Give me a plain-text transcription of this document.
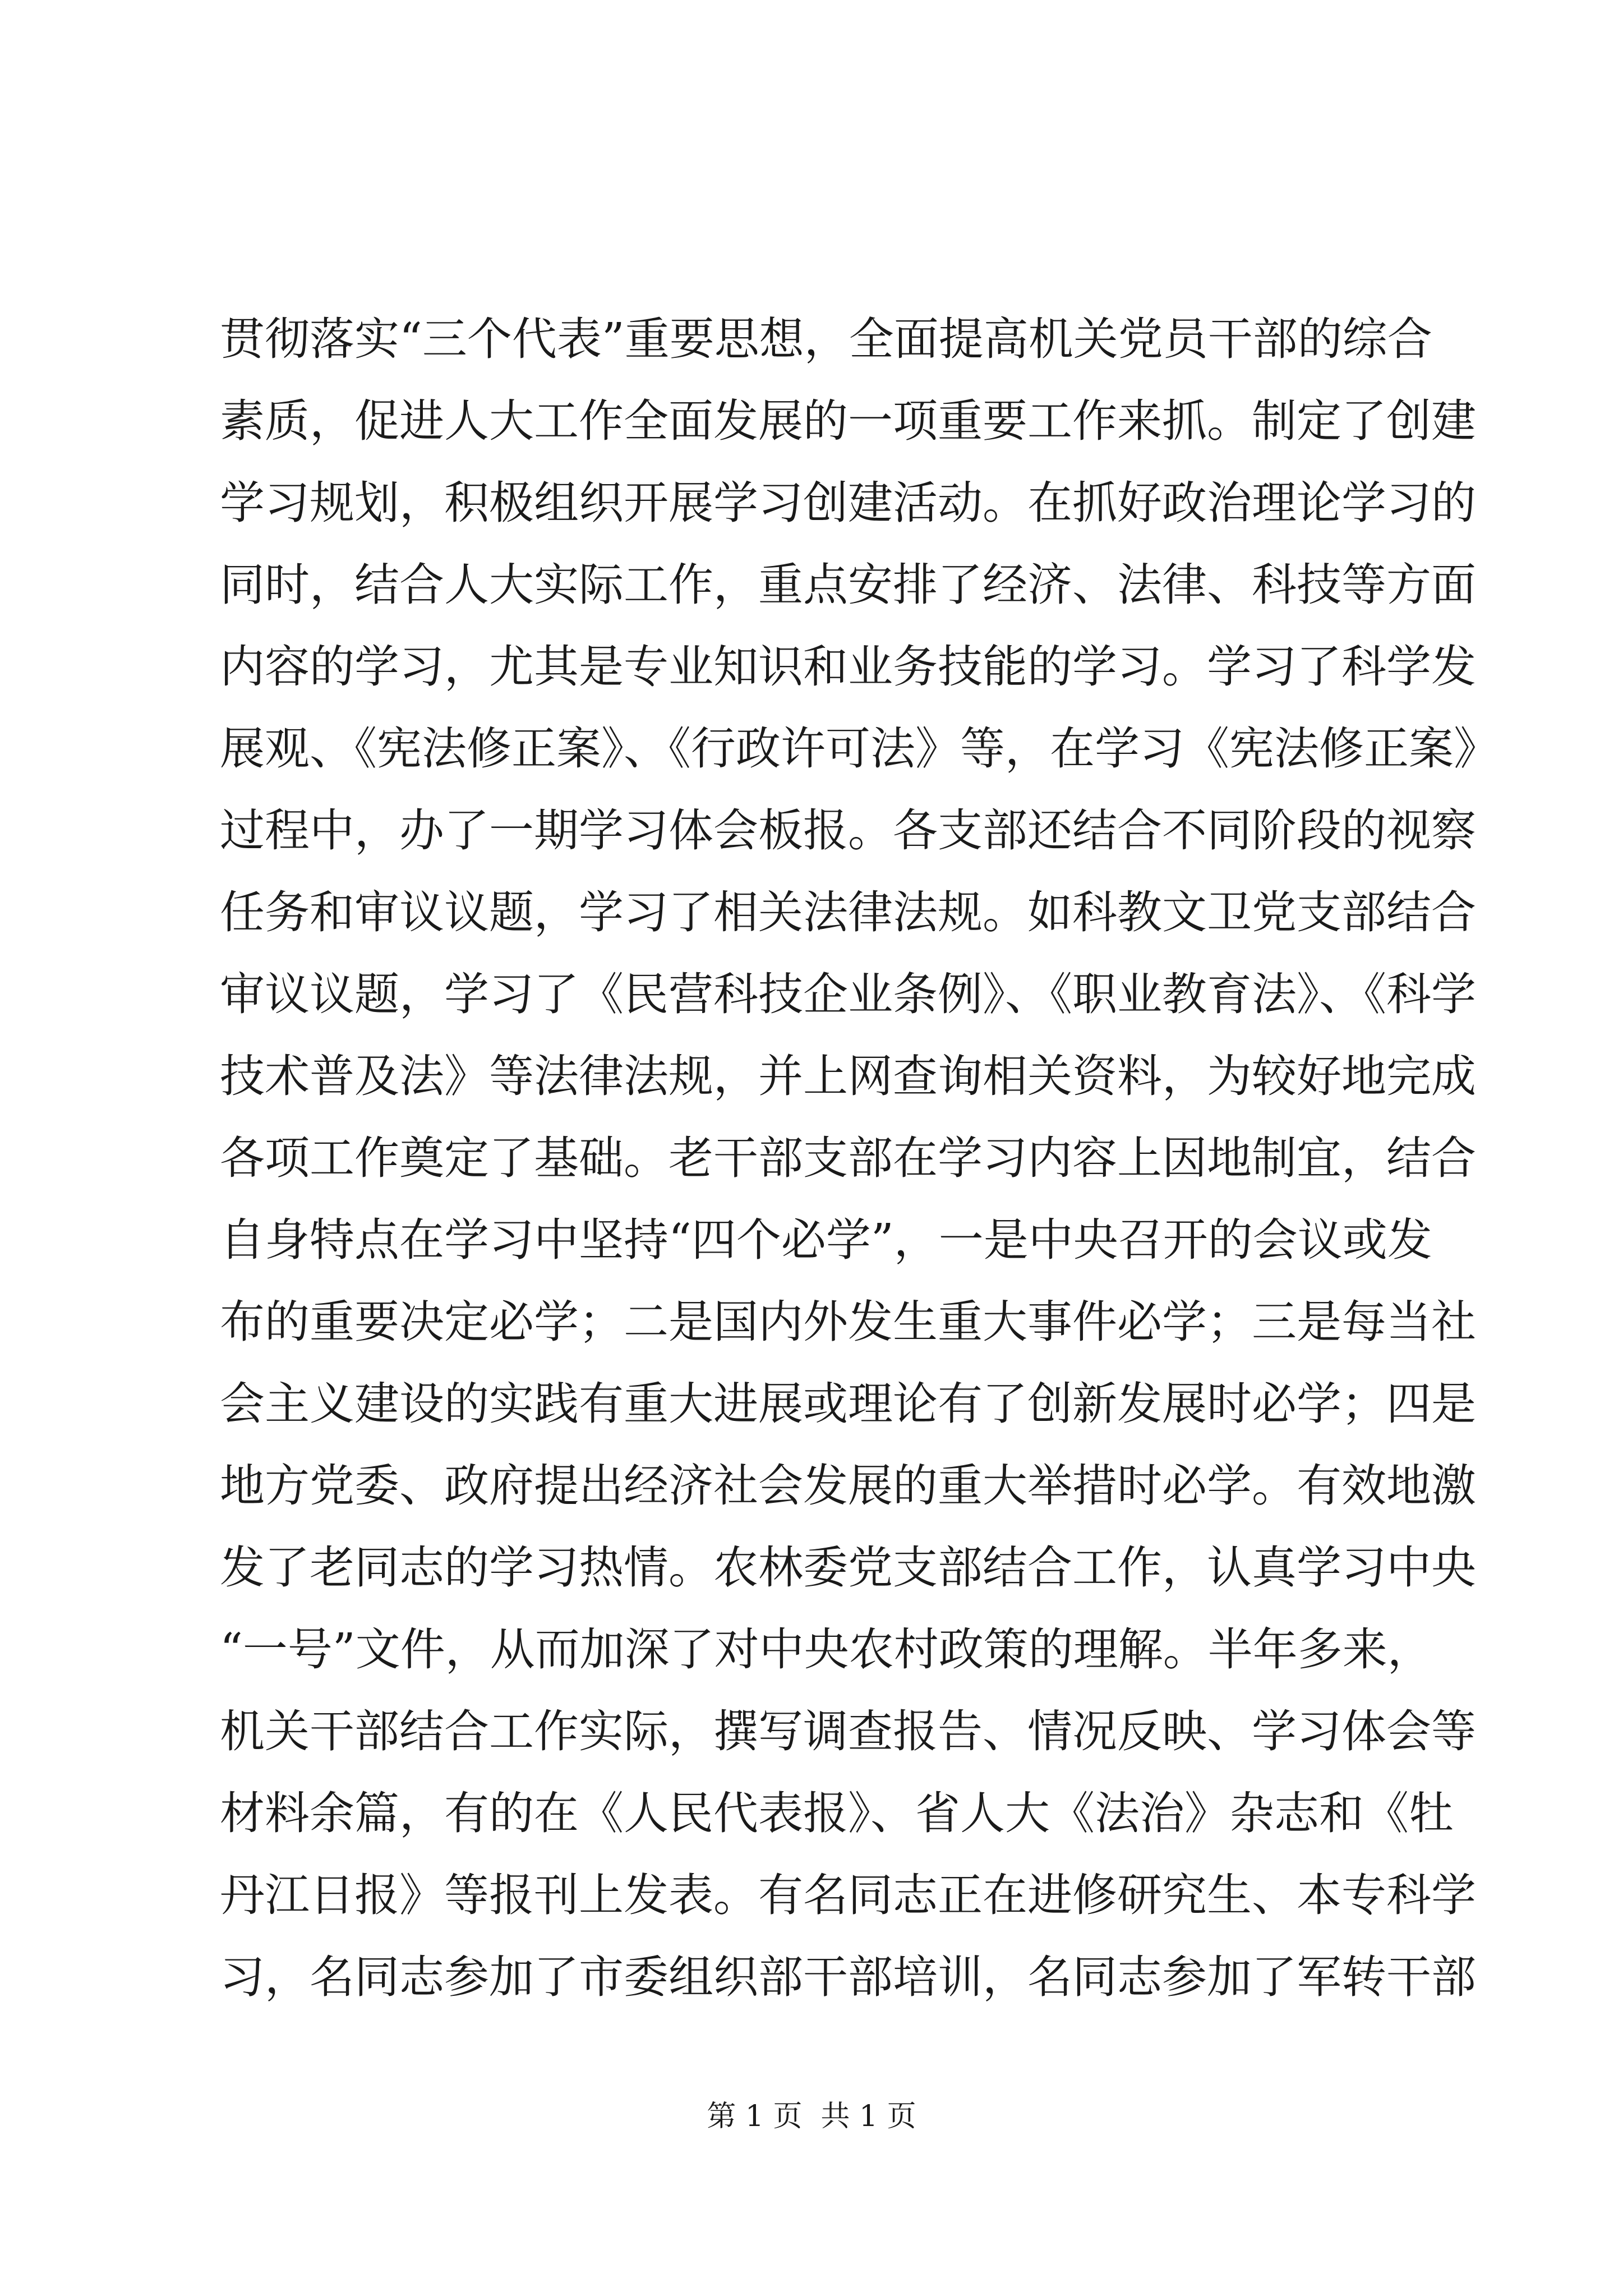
贯彻落实“三个代表”重要思想，全面提高机关党员干部的综合
素质，促进人大工作全面发展的一项重要工作来抓。制定了创建
学习规划，积极组织开展学习创建活动。在抓好政治理论学习的
同时，结合人大实际工作，重点安排了经济、法律、科技等方面
内容的学习，尤其是专业知识和业务技能的学习。学习了科学发
展观、《宪法修正案》、《行政许可法》等，在学习《宪法修正案》
过程中，办了一期学习体会板报。各支部还结合不同阶段的视察
任务和审议议题，学习了相关法律法规。如科教文卫党支部结合
审议议题，学习了《民营科技企业条例》、《职业教育法》、《科学
技术普及法》等法律法规，并上网查询相关资料，为较好地完成
各项工作奠定了基础。老干部支部在学习内容上因地制宜，结合
自身特点在学习中坚持“四个必学”，一是中央召开的会议或发
布的重要决定必学；二是国内外发生重大事件必学；三是每当社
会主义建设的实践有重大进展或理论有了创新发展时必学；四是
地方党委、政府提出经济社会发展的重大举措时必学。有效地激
发了老同志的学习热情。农林委党支部结合工作，认真学习中央
“一号”文件，从而加深了对中央农村政策的理解。半年多来，
机关干部结合工作实际，撰写调查报告、情况反映、学习体会等
材料余篇，有的在《人民代表报》、省人大《法治》杂志和《牡
丹江日报》等报刊上发表。有名同志正在进修研究生、本专科学
习，名同志参加了市委组织部干部培训，名同志参加了军转干部
第 1 页  共 1 页
